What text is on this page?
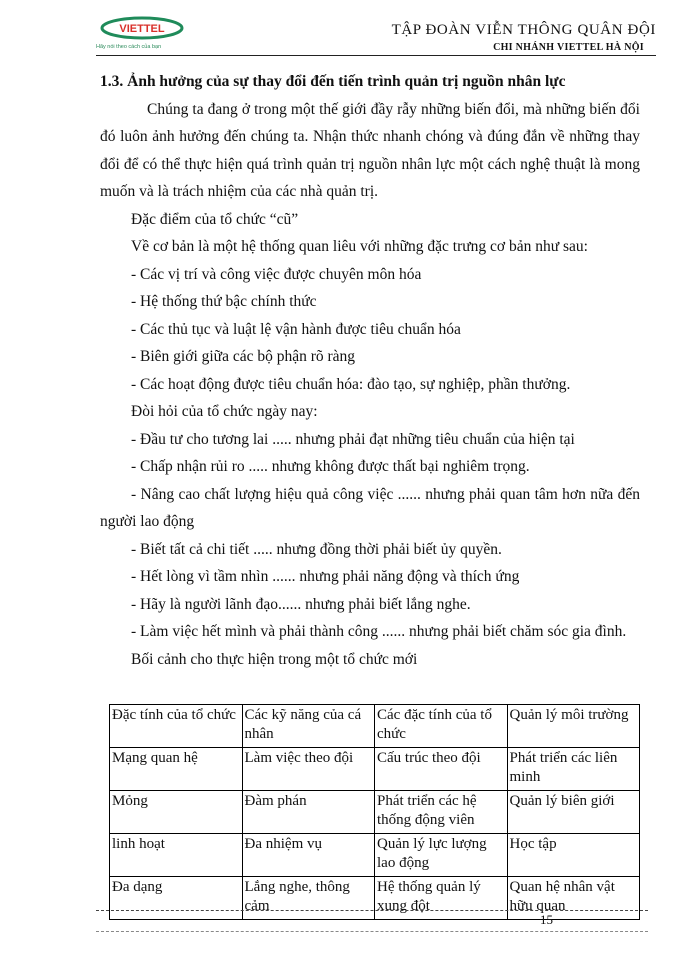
VIETTEL
Hãy nói theo cách của bạn
TẬP ĐOÀN VIỄN THÔNG QUÂN ĐỘI
CHI NHÁNH VIETTEL HÀ NỘI

1.3. Ảnh hưởng của sự thay đổi đến tiến trình quản trị nguồn nhân lực

Chúng ta đang ở trong một thế giới đầy rẫy những biến đổi, mà những biến đổi đó luôn ảnh hưởng đến chúng ta. Nhận thức nhanh chóng và đúng đắn về những thay đổi để có thể thực hiện quá trình quản trị nguồn nhân lực một cách nghệ thuật là mong muốn và là trách nhiệm của các nhà quản trị.

Đặc điểm của tổ chức “cũ”

Về cơ bản là một hệ thống quan liêu với những đặc trưng cơ bản như sau:

- Các vị trí và công việc được chuyên môn hóa

- Hệ thống thứ bậc chính thức

- Các thủ tục và luật lệ vận hành được tiêu chuẩn hóa

- Biên giới giữa các bộ phận rõ ràng

- Các hoạt động được tiêu chuẩn hóa: đào tạo, sự nghiệp, phần thưởng.

Đòi hỏi của tổ chức ngày nay:

- Đầu tư cho tương lai ..... nhưng phải đạt những tiêu chuẩn của hiện tại

- Chấp nhận rủi ro ..... nhưng không được thất bại nghiêm trọng.

- Nâng cao chất lượng hiệu quả công việc ...... nhưng phải quan tâm hơn nữa đến người lao động

- Biết tất cả chi tiết ..... nhưng đồng thời phải biết ủy quyền.

- Hết lòng vì tầm nhìn ...... nhưng phải năng động và thích ứng

- Hãy là người lãnh đạo...... nhưng phải biết lắng nghe.

- Làm việc hết mình và phải thành công ...... nhưng phải biết chăm sóc gia đình.

Bối cảnh cho thực hiện trong một tổ chức mới

Đặc tính của tổ chức	Các kỹ năng của cá nhân	Các đặc tính của tổ chức	Quản lý môi trường
Mạng quan hệ	Làm việc theo đội	Cấu trúc theo đội	Phát triển các liên minh
Mỏng	Đàm phán	Phát triển các hệ thống động viên	Quản lý biên giới
linh hoạt	Đa nhiệm vụ	Quản lý lực lượng lao động	Học tập
Đa dạng	Lắng nghe, thông cảm	Hệ thống quản lý xung đột	Quan hệ nhân vật hữu quan
15
